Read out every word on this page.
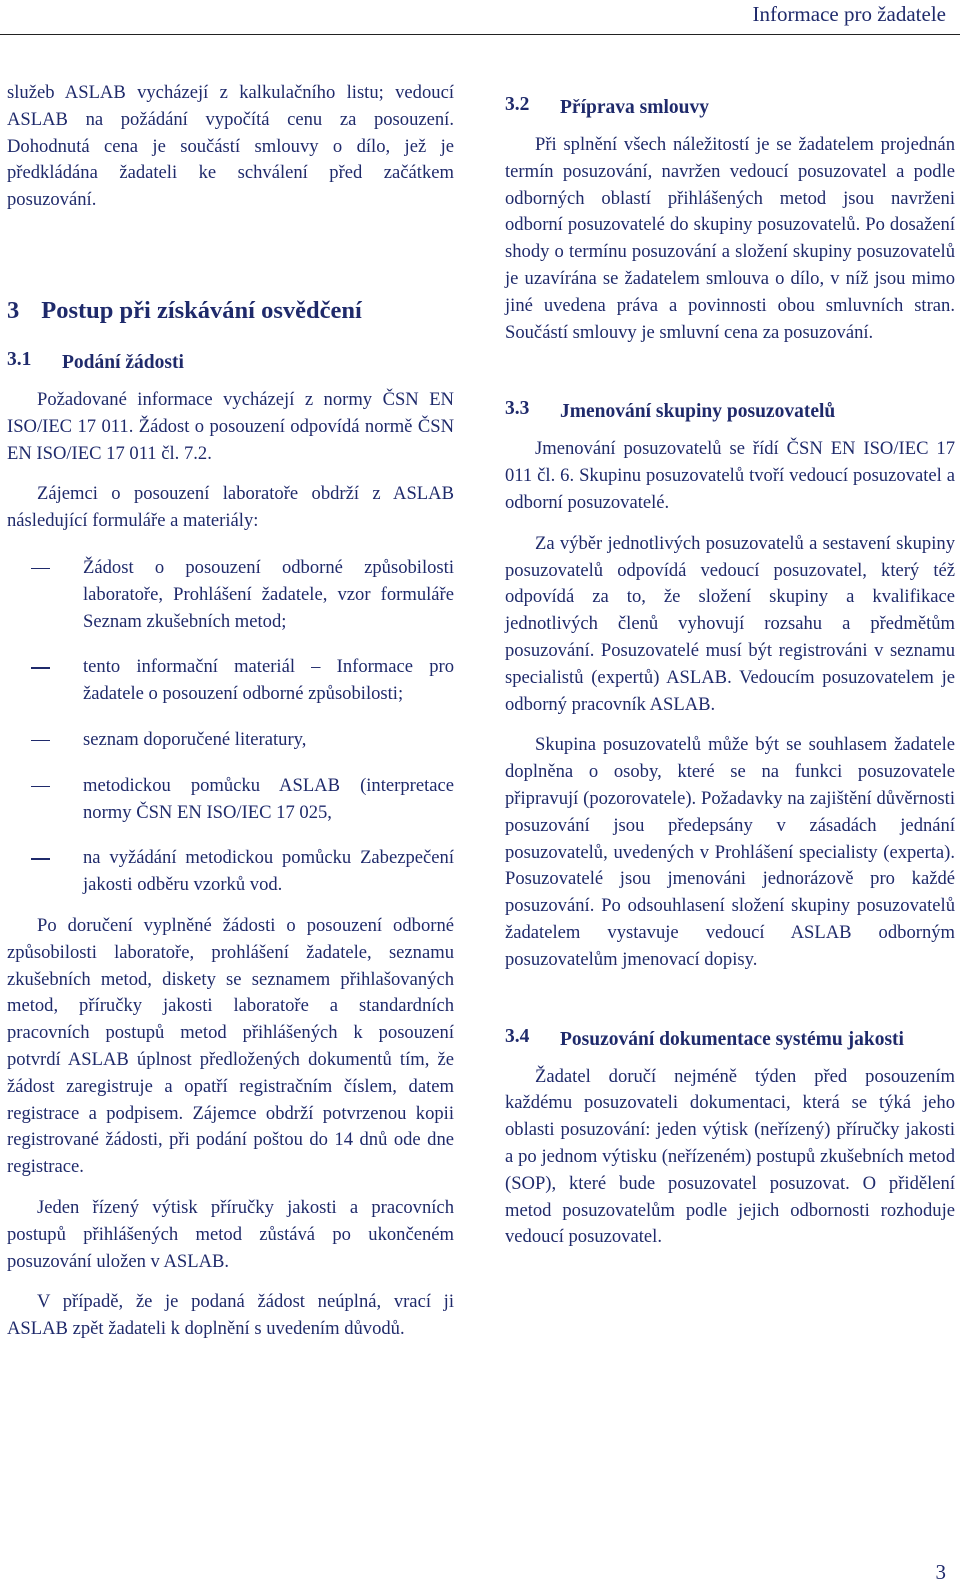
Informace pro žadatele

služeb ASLAB vycházejí z kalkulačního listu; vedoucí ASLAB na požádání vypočítá cenu za posouzení. Dohodnutá cena je součástí smlouvy o dílo, jež je předkládána žadateli ke schválení před začátkem posuzování.

3 Postup při získávání osvědčení
3.1	Podání žádosti

Požadované informace vycházejí z normy ČSN EN ISO/IEC 17 011. Žádost o posouzení odpovídá normě ČSN EN ISO/IEC 17 011 čl. 7.2.

Zájemci o posouzení laboratoře obdrží z ASLAB následující formuláře a materiály:

Žádost o posouzení odborné způsobilosti laboratoře, Prohlášení žadatele, vzor formuláře Seznam zkušebních metod;
tento informační materiál – Informace pro žadatele o posouzení odborné způsobilosti;
seznam doporučené literatury,
metodickou pomůcku ASLAB (interpretace normy ČSN EN ISO/IEC 17 025,
na vyžádání metodickou pomůcku Zabezpečení jakosti odběru vzorků vod.

Po doručení vyplněné žádosti o posouzení odborné způsobilosti laboratoře, prohlášení žadatele, seznamu zkušebních metod, diskety se seznamem přihlašovaných metod, příručky jakosti laboratoře a standardních pracovních postupů metod přihlášených k posouzení potvrdí ASLAB úplnost předložených dokumentů tím, že žádost zaregistruje a opatří registračním číslem, datem registrace a podpisem. Zájemce obdrží potvrzenou kopii registrované žádosti, při podání poštou do 14 dnů ode dne registrace.

Jeden řízený výtisk příručky jakosti a pracovních postupů přihlášených metod zůstává po ukončeném posuzování uložen v ASLAB.

V případě, že je podaná žádost neúplná, vrací ji ASLAB zpět žadateli k doplnění s uvedením důvodů.

3.2	Příprava smlouvy

Při splnění všech náležitostí je se žadatelem projednán termín posuzování, navržen vedoucí posuzovatel a podle odborných oblastí přihlášených metod jsou navrženi odborní posuzovatelé do skupiny posuzovatelů. Po dosažení shody o termínu posuzování a složení skupiny posuzovatelů je uzavírána se žadatelem smlouva o dílo, v níž jsou mimo jiné uvedena práva a povinnosti obou smluvních stran. Součástí smlouvy je smluvní cena za posuzování.

3.3	Jmenování skupiny posuzovatelů

Jmenování posuzovatelů se řídí ČSN EN ISO/IEC 17 011 čl. 6. Skupinu posuzovatelů tvoří vedoucí posuzovatel a odborní posuzovatelé.

Za výběr jednotlivých posuzovatelů a sestavení skupiny posuzovatelů odpovídá vedoucí posuzovatel, který též odpovídá za to, že složení skupiny a kvalifikace jednotlivých členů vyhovují rozsahu a předmětům posuzování. Posuzovatelé musí být registrováni v seznamu specialistů (expertů) ASLAB. Vedoucím posuzovatelem je odborný pracovník ASLAB.

Skupina posuzovatelů může být se souhlasem žadatele doplněna o osoby, které se na funkci posuzovatele připravují (pozorovatele). Požadavky na zajištění důvěrnosti posuzování jsou předepsány v zásadách jednání posuzovatelů, uvedených v Prohlášení specialisty (experta). Posuzovatelé jsou jmenováni jednorázově pro každé posuzování. Po odsouhlasení složení skupiny posuzovatelů žadatelem vystavuje vedoucí ASLAB odborným posuzovatelům jmenovací dopisy.

3.4	Posuzování dokumentace systému jakosti

Žadatel doručí nejméně týden před posouzením každému posuzovateli dokumentaci, která se týká jeho oblasti posuzování: jeden výtisk (neřízený) příručky jakosti a po jednom výtisku (neřízeném) postupů zkušebních metod (SOP), které bude posuzovatel posuzovat. O přidělení metod posuzovatelům podle jejich odbornosti rozhoduje vedoucí posuzovatel.

3
